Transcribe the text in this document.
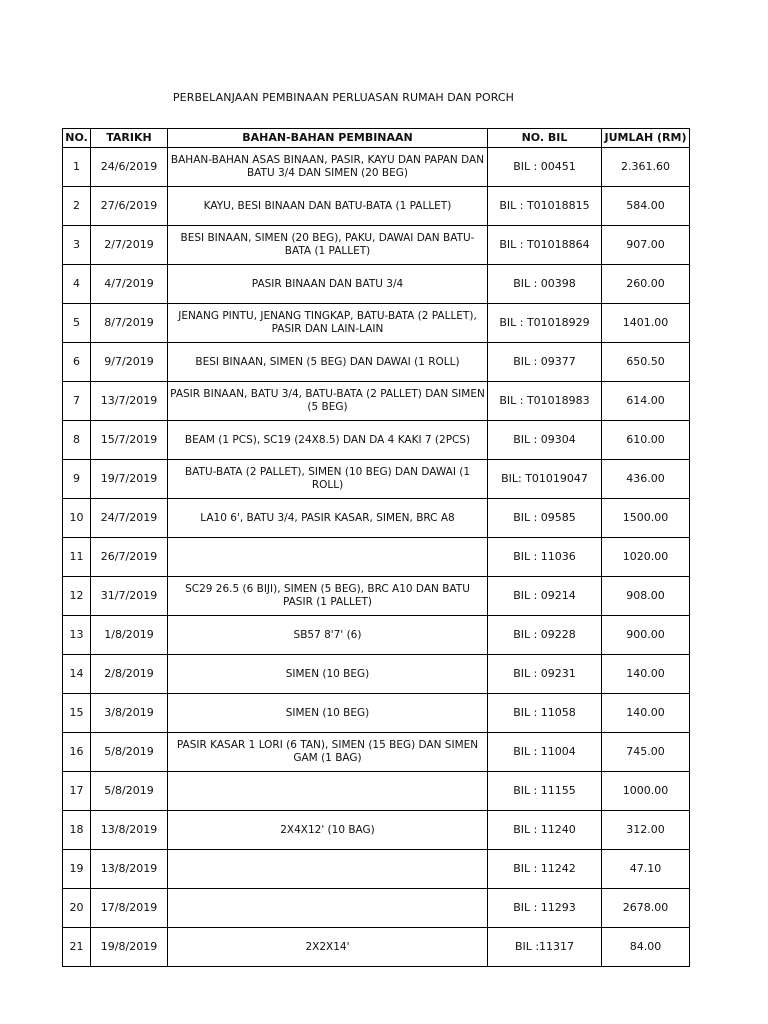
PERBELANJAAN PEMBINAAN PERLUASAN RUMAH DAN PORCH
NO.	TARIKH	BAHAN-BAHAN PEMBINAAN	NO. BIL	JUMLAH (RM)
1	24/6/2019	BAHAN-BAHAN ASAS BINAAN, PASIR, KAYU DAN PAPAN DAN BATU 3/4 DAN SIMEN (20 BEG)	BIL : 00451	2.361.60
2	27/6/2019	KAYU, BESI BINAAN DAN BATU-BATA (1 PALLET)	BIL : T01018815	584.00
3	2/7/2019	BESI BINAAN, SIMEN (20 BEG), PAKU, DAWAI DAN BATU-BATA (1 PALLET)	BIL : T01018864	907.00
4	4/7/2019	PASIR BINAAN DAN BATU 3/4	BIL : 00398	260.00
5	8/7/2019	JENANG PINTU, JENANG TINGKAP, BATU-BATA (2 PALLET), PASIR DAN LAIN-LAIN	BIL : T01018929	1401.00
6	9/7/2019	BESI BINAAN, SIMEN (5 BEG) DAN DAWAI (1 ROLL)	BIL : 09377	650.50
7	13/7/2019	PASIR BINAAN, BATU 3/4, BATU-BATA (2 PALLET) DAN SIMEN (5 BEG)	BIL : T01018983	614.00
8	15/7/2019	BEAM (1 PCS), SC19 (24X8.5) DAN DA 4 KAKI 7 (2PCS)	BIL : 09304	610.00
9	19/7/2019	BATU-BATA (2 PALLET), SIMEN (10 BEG) DAN DAWAI (1 ROLL)	BIL: T01019047	436.00
10	24/7/2019	LA10 6', BATU 3/4, PASIR KASAR, SIMEN, BRC A8	BIL : 09585	1500.00
11	26/7/2019		BIL : 11036	1020.00
12	31/7/2019	SC29 26.5 (6 BIJI), SIMEN (5 BEG), BRC A10 DAN BATU PASIR (1 PALLET)	BIL : 09214	908.00
13	1/8/2019	SB57 8'7' (6)	BIL : 09228	900.00
14	2/8/2019	SIMEN (10 BEG)	BIL : 09231	140.00
15	3/8/2019	SIMEN (10 BEG)	BIL : 11058	140.00
16	5/8/2019	PASIR KASAR 1 LORI (6 TAN), SIMEN (15 BEG) DAN SIMEN GAM (1 BAG)	BIL : 11004	745.00
17	5/8/2019		BIL : 11155	1000.00
18	13/8/2019	2X4X12' (10 BAG)	BIL : 11240	312.00
19	13/8/2019		BIL : 11242	47.10
20	17/8/2019		BIL : 11293	2678.00
21	19/8/2019	2X2X14'	BIL :11317	84.00
